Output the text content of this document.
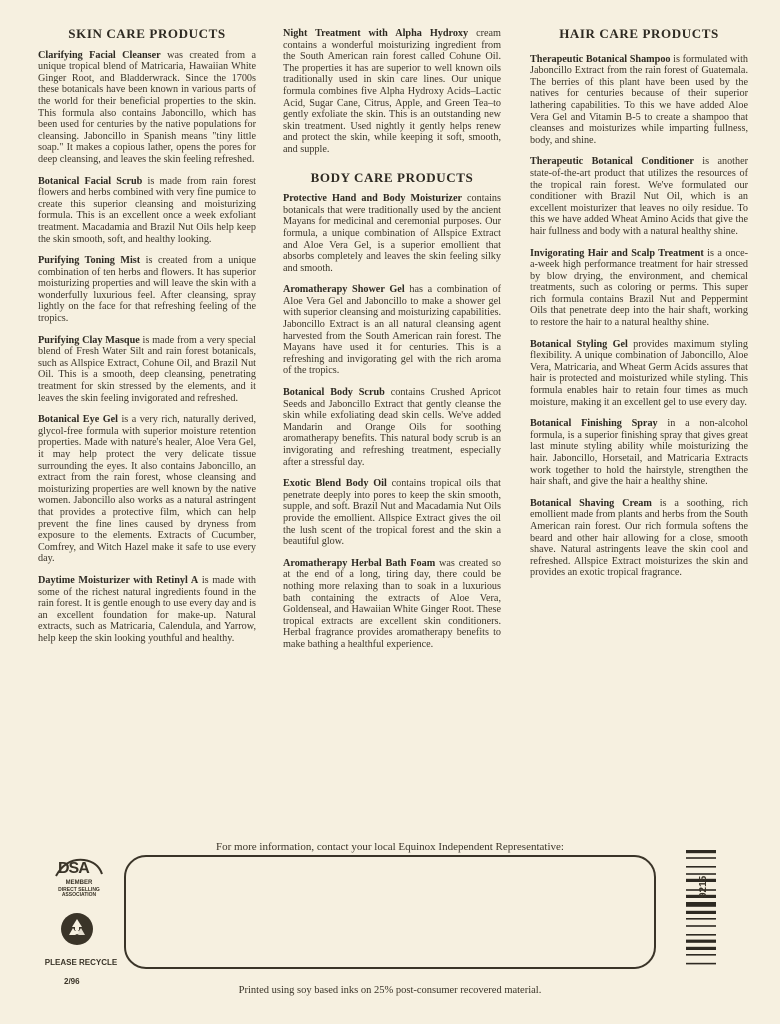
SKIN CARE PRODUCTS

Clarifying Facial Cleanser was created from a unique tropical blend of Matricaria, Hawaiian White Ginger Root, and Bladderwrack. Since the 1700s these botanicals have been known in various parts of the world for their beneficial properties to the skin. This formula also contains Jaboncillo, which has been used for centuries by the native populations for cleansing. Jaboncillo in Spanish means "tiny little soap." It makes a copious lather, opens the pores for deep cleansing, and leaves the skin feeling refreshed.

Botanical Facial Scrub is made from rain forest flowers and herbs combined with very fine pumice to create this superior cleansing and moisturizing formula. This is an excellent once a week exfoliant treatment. Macadamia and Brazil Nut Oils help keep the skin smooth, soft, and healthy looking.

Purifying Toning Mist is created from a unique combination of ten herbs and flowers. It has superior moisturizing properties and will leave the skin with a wonderfully luxurious feel. After cleansing, spray lightly on the face for that refreshing feeling of the tropics.

Purifying Clay Masque is made from a very special blend of Fresh Water Silt and rain forest botanicals, such as Allspice Extract, Cohune Oil, and Brazil Nut Oil. This is a smooth, deep cleansing, penetrating treatment for skin stressed by the elements, and it leaves the skin feeling invigorated and refreshed.

Botanical Eye Gel is a very rich, naturally derived, glycol-free formula with superior moisture retention properties. Made with nature's healer, Aloe Vera Gel, it may help protect the very delicate tissue surrounding the eyes. It also contains Jaboncillo, an extract from the rain forest, whose cleansing and moisturizing properties are well known by the native women. Jaboncillo also works as a natural astringent that provides a protective film, which can help prevent the fine lines caused by dryness from exposure to the elements. Extracts of Cucumber, Comfrey, and Witch Hazel make it safe to use every day.

Daytime Moisturizer with Retinyl A is made with some of the richest natural ingredients found in the rain forest. It is gentle enough to use every day and is an excellent foundation for make-up. Natural extracts, such as Matricaria, Calendula, and Yarrow, help keep the skin looking youthful and healthy.

Night Treatment with Alpha Hydroxy cream contains a wonderful moisturizing ingredient from the South American rain forest called Cohune Oil. The properties it has are superior to well known oils traditionally used in skin care lines. Our unique formula combines five Alpha Hydroxy Acids–Lactic Acid, Sugar Cane, Citrus, Apple, and Green Tea–to gently exfoliate the skin. This is an outstanding new skin treatment. Used nightly it gently helps renew and protect the skin, while keeping it soft, smooth, and supple.

BODY CARE PRODUCTS

Protective Hand and Body Moisturizer contains botanicals that were traditionally used by the ancient Mayans for medicinal and ceremonial purposes. Our formula, a unique combination of Allspice Extract and Aloe Vera Gel, is a superior emollient that absorbs completely and leaves the skin feeling silky and smooth.

Aromatherapy Shower Gel has a combination of Aloe Vera Gel and Jaboncillo to make a shower gel with superior cleansing and moisturizing capabilities. Jaboncillo Extract is an all natural cleansing agent harvested from the South American rain forest. The Mayans have used it for centuries. This is a refreshing and invigorating gel with the rich aroma of the tropics.

Botanical Body Scrub contains Crushed Apricot Seeds and Jaboncillo Extract that gently cleanse the skin while exfoliating dead skin cells. We've added Mandarin and Orange Oils for soothing aromatherapy benefits. This natural body scrub is an invigorating and refreshing treatment, especially after a stressful day.

Exotic Blend Body Oil contains tropical oils that penetrate deeply into pores to keep the skin smooth, supple, and soft. Brazil Nut and Macadamia Nut Oils provide the emollient. Allspice Extract gives the oil the lush scent of the tropical forest and the skin a beautiful glow.

Aromatherapy Herbal Bath Foam was created so at the end of a long, tiring day, there could be nothing more relaxing than to soak in a luxurious bath containing the extracts of Aloe Vera, Goldenseal, and Hawaiian White Ginger Root. These tropical extracts are excellent skin conditioners. Herbal fragrance provides aromatherapy benefits to make bathing a healthful experience.

HAIR CARE PRODUCTS

Therapeutic Botanical Shampoo is formulated with Jaboncillo Extract from the rain forest of Guatemala. The berries of this plant have been used by the natives for centuries because of their superior lathering capabilities. To this we have added Aloe Vera Gel and Vitamin B-5 to create a shampoo that cleanses and moisturizes while imparting fullness, body, and shine.

Therapeutic Botanical Conditioner is another state-of-the-art product that utilizes the resources of the tropical rain forest. We've formulated our conditioner with Brazil Nut Oil, which is an excellent moisturizer that leaves no oily residue. To this we have added Wheat Amino Acids that give the hair fullness and body with a natural healthy shine.

Invigorating Hair and Scalp Treatment is a once-a-week high performance treatment for hair stressed by blow drying, the environment, and chemical treatments, such as coloring or perms. This super rich formula contains Brazil Nut and Peppermint Oils that penetrate deep into the hair shaft, working to restore the hair to a natural healthy shine.

Botanical Styling Gel provides maximum styling flexibility. A unique combination of Jaboncillo, Aloe Vera, Matricaria, and Wheat Germ Acids assures that hair is protected and moisturized while styling. This formula enables hair to retain four times as much moisture, making it an excellent gel to use every day.

Botanical Finishing Spray in a non-alcohol formula, is a superior finishing spray that gives great last minute styling ability while moisturizing the hair. Jaboncillo, Horsetail, and Matricaria Extracts work together to hold the hairstyle, strengthen the hair shaft, and give the hair a healthy shine.

Botanical Shaving Cream is a soothing, rich emollient made from plants and herbs from the South American rain forest. Our rich formula softens the beard and other hair allowing for a close, smooth shave. Natural astringents leave the skin cool and refreshed. Allspice Extract moisturizes the skin and provides an exotic tropical fragrance.

For more information, contact your local Equinox Independent Representative:
Printed using soy based inks on 25% post-consumer recovered material.
DSA
MEMBER
DIRECT SELLING ASSOCIATION
PLEASE RECYCLE
2/96
9215
